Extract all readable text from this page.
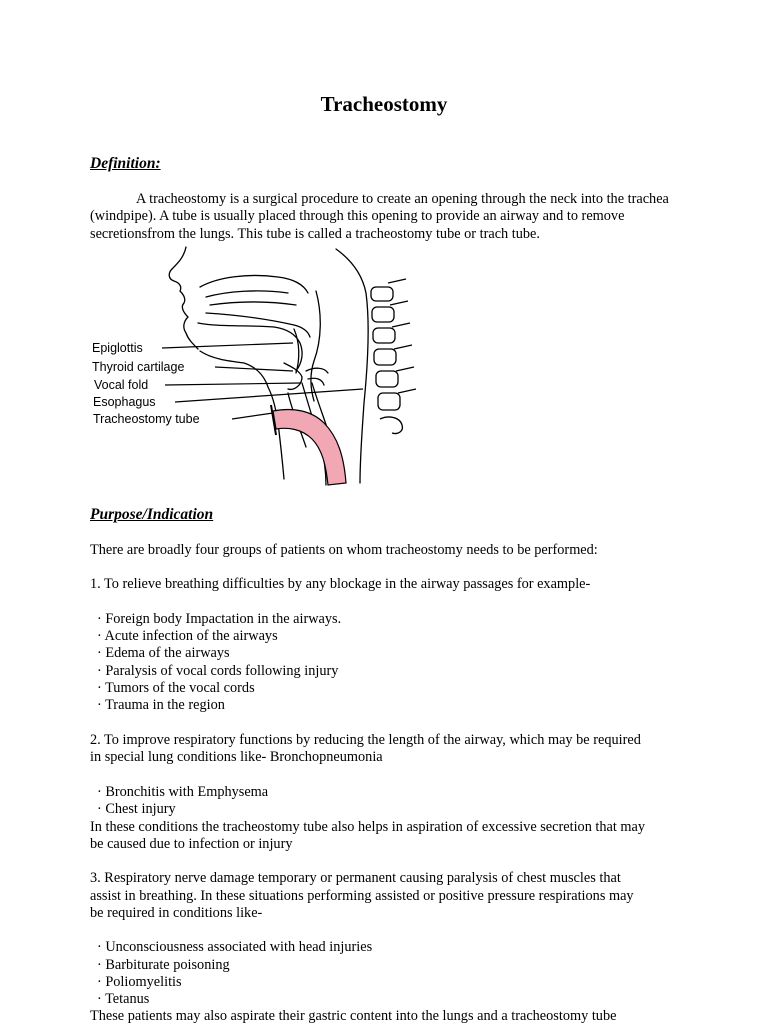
Tracheostomy
Definition:

A tracheostomy is a surgical procedure to create an opening through the neck into the trachea (windpipe). A tube is usually placed through this opening to provide an airway and to remove secretionsfrom the lungs. This tube is called a tracheostomy tube or trach tube.

Epiglottis
Thyroid cartilage
Vocal fold
Esophagus
Tracheostomy tube
Purpose/Indication
There are broadly four groups of patients on whom tracheostomy needs to be performed:
1. To relieve breathing difficulties by any blockage in the airway passages for example-
· Foreign body Impactation in the airways.
· Acute infection of the airways
· Edema of the airways
· Paralysis of vocal cords following injury
· Tumors of the vocal cords
· Trauma in the region
2. To improve respiratory functions by reducing the length of the airway, which may be required
in special lung conditions like- Bronchopneumonia
· Bronchitis with Emphysema
· Chest injury
In these conditions the tracheostomy tube also helps in aspiration of excessive secretion that may
be caused due to infection or injury
3. Respiratory nerve damage temporary or permanent causing paralysis of chest muscles that
assist in breathing. In these situations performing assisted or positive pressure respirations may
be required in conditions like-
· Unconsciousness associated with head injuries
· Barbiturate poisoning
· Poliomyelitis
· Tetanus
These patients may also aspirate their gastric content into the lungs and a tracheostomy tube
